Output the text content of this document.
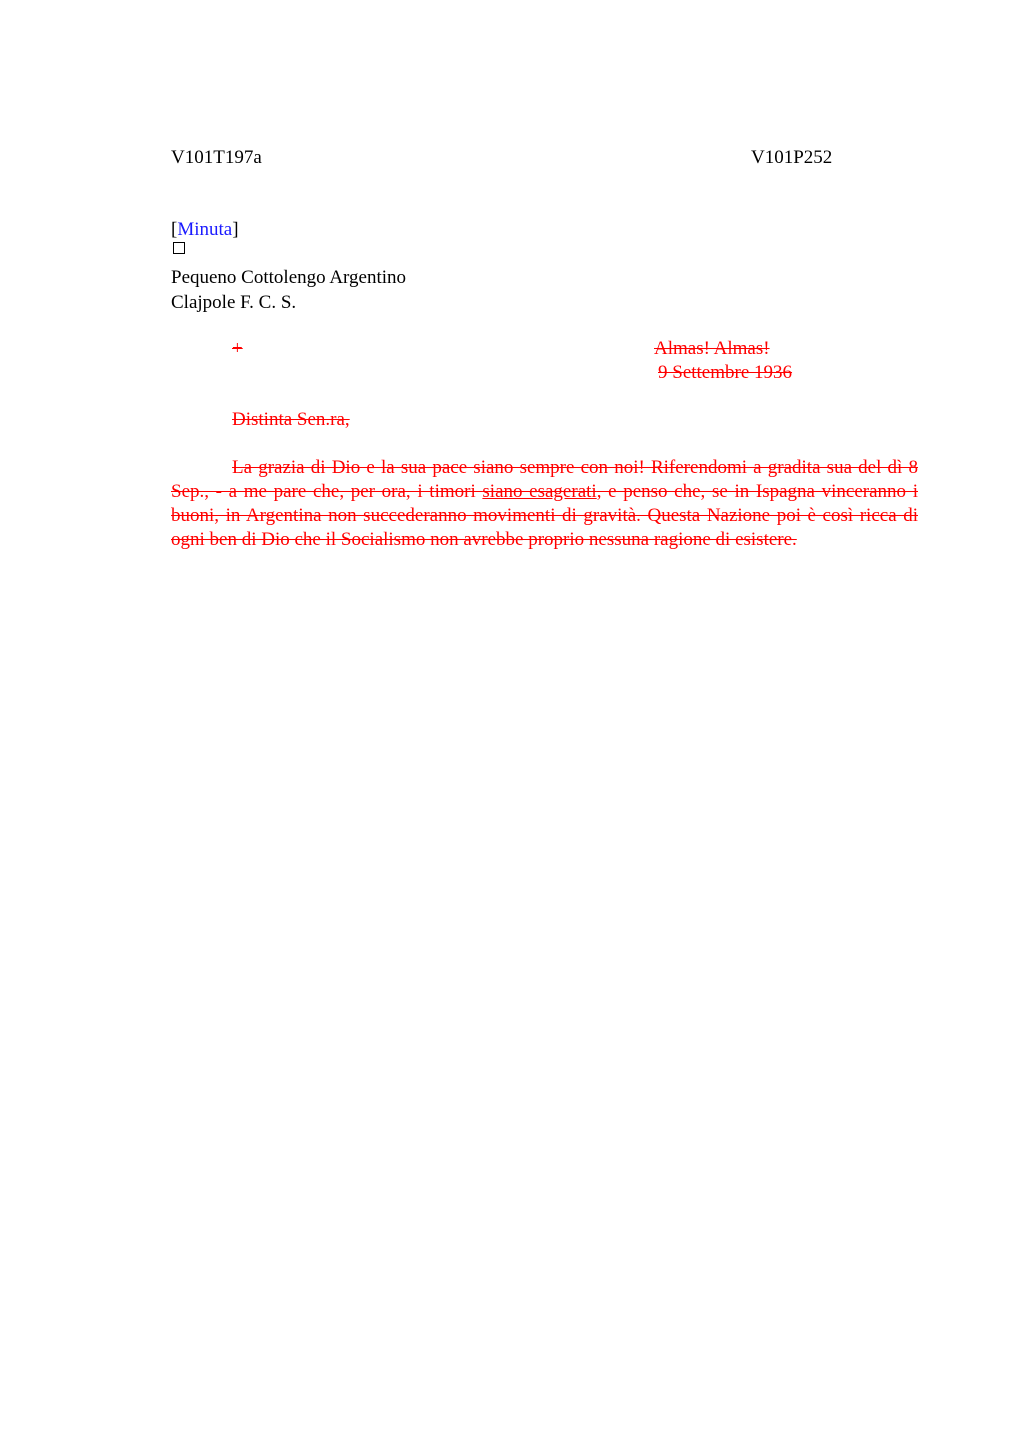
V101T197a	V101P252
[Minuta]
Pequeno Cottolengo Argentino
Clajpole F. C. S.
+	Almas! Almas!
9 Settembre 1936
Distinta Sen.ra,
La grazia di Dio e la sua pace siano sempre con noi! Riferendomi a gradita sua del dì 8 Sep., - a me pare che, per ora, i timori siano esagerati, e penso che, se in Ispagna vinceranno i buoni, in Argentina non succederanno movimenti di gravità. Questa Nazione poi è così ricca di ogni ben di Dio che il Socialismo non avrebbe proprio nessuna ragione di esistere.
